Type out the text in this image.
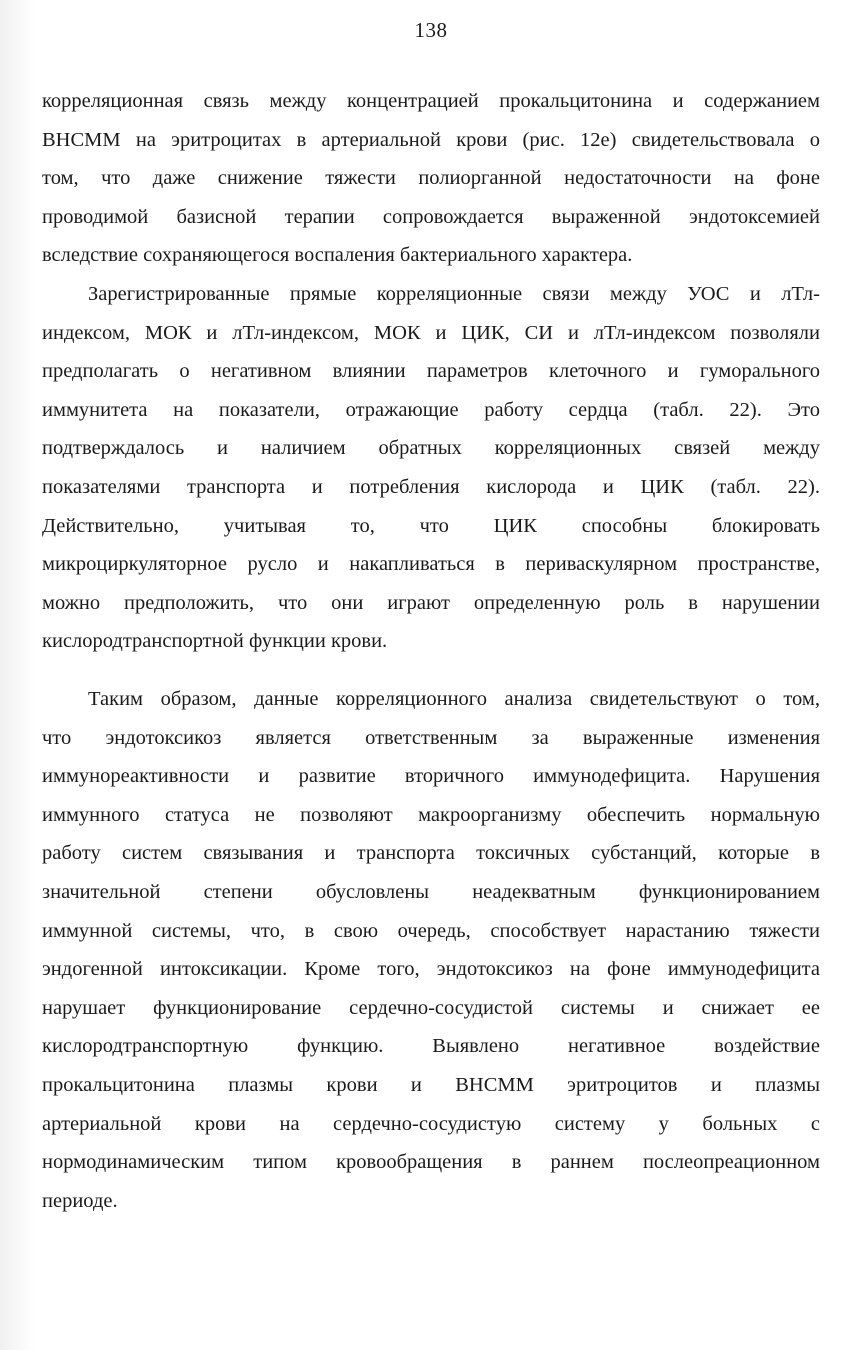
138
корреляционная связь между концентрацией прокальцитонина и содержанием
ВНСММ на эритроцитах в артериальной крови (рис. 12е) свидетельствовала о
том, что даже снижение тяжести полиорганной недостаточности на фоне
проводимой базисной терапии сопровождается выраженной эндотоксемией
вследствие сохраняющегося воспаления бактериального характера.
Зарегистрированные прямые корреляционные связи между УОС и лТл-
индексом, МОК и лТл-индексом, МОК и ЦИК, СИ и лТл-индексом позволяли
предполагать о негативном влиянии параметров клеточного и гуморального
иммунитета на показатели, отражающие работу сердца (табл. 22). Это
подтверждалось и наличием обратных корреляционных связей между
показателями транспорта и потребления кислорода и ЦИК (табл. 22).
Действительно, учитывая то, что ЦИК способны блокировать
микроциркуляторное русло и накапливаться в периваскулярном пространстве,
можно предположить, что они играют определенную роль в нарушении
кислородтранспортной функции крови.
Таким образом, данные корреляционного анализа свидетельствуют о том,
что эндотоксикоз является ответственным за выраженные изменения
иммунореактивности и развитие вторичного иммунодефицита. Нарушения
иммунного статуса не позволяют макроорганизму обеспечить нормальную
работу систем связывания и транспорта токсичных субстанций, которые в
значительной степени обусловлены неадекватным функционированием
иммунной системы, что, в свою очередь, способствует нарастанию тяжести
эндогенной интоксикации. Кроме того, эндотоксикоз на фоне иммунодефицита
нарушает функционирование сердечно-сосудистой системы и снижает ее
кислородтранспортную функцию. Выявлено негативное воздействие
прокальцитонина плазмы крови и ВНСММ эритроцитов и плазмы
артериальной крови на сердечно-сосудистую систему у больных с
нормодинамическим типом кровообращения в раннем послеопреационном
периоде.
